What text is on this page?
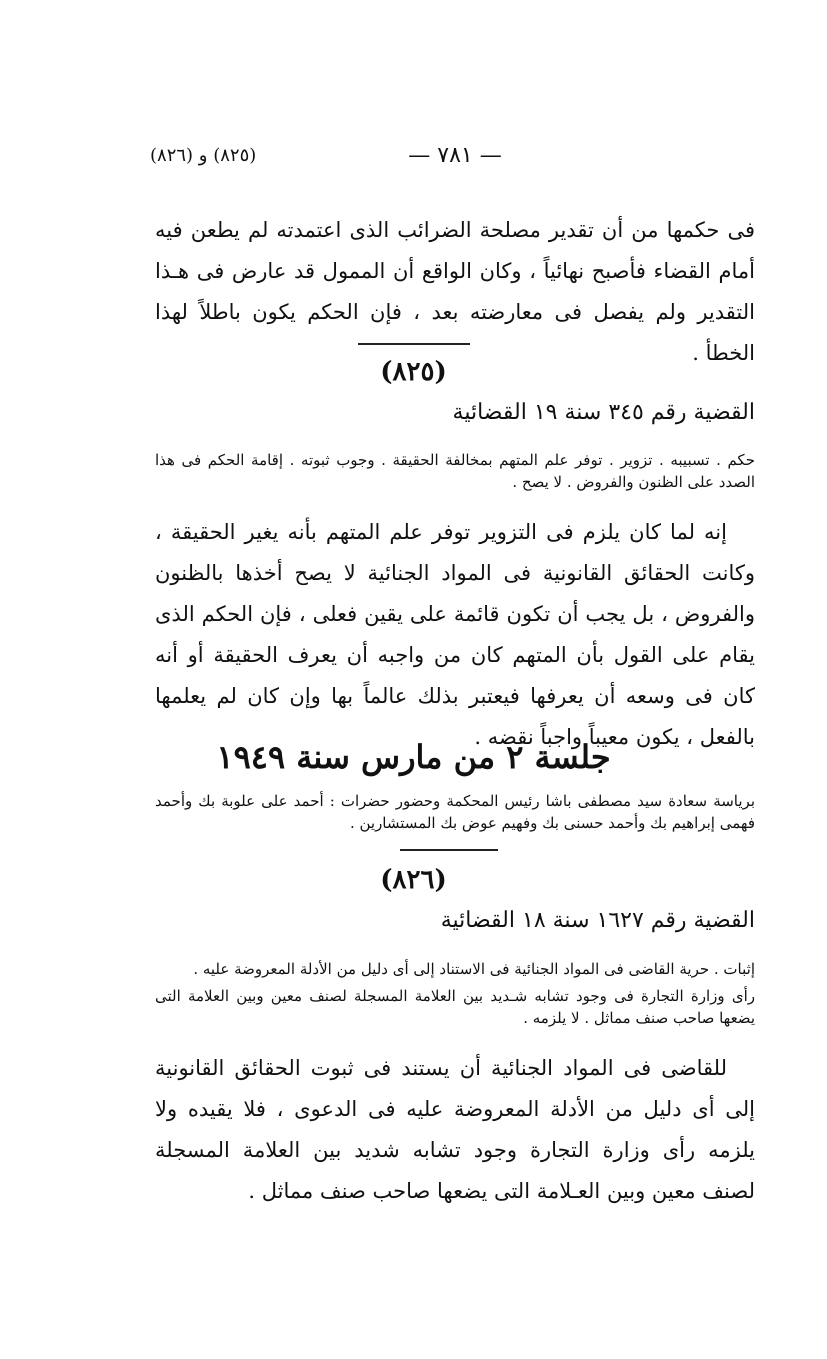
(٨٢٥) و (٨٢٦)	— ٧٨١ —
فى حكمها من أن تقدير مصلحة الضرائب الذى اعتمدته لم يطعن فيه أمام القضاء فأصبح نهائياً ، وكان الواقع أن الممول قد عارض فى هـذا التقدير ولم يفصل فى معارضته بعد ، فإن الحكم يكون باطلاً لهذا الخطأ .
(٨٢٥)
القضية رقم ٣٤٥ سنة ١٩ القضائية
حكم . تسبيبه . تزوير . توفر علم المتهم بمخالفة الحقيقة . وجوب ثبوته . إقامة الحكم فى هذا الصدد على الظنون والفروض . لا يصح .
إنه لما كان يلزم فى التزوير توفر علم المتهم بأنه يغير الحقيقة ، وكانت الحقائق القانونية فى المواد الجنائية لا يصح أخذها بالظنون والفروض ، بل يجب أن تكون قائمة على يقين فعلى ، فإن الحكم الذى يقام على القول بأن المتهم كان من واجبه أن يعرف الحقيقة أو أنه كان فى وسعه أن يعرفها فيعتبر بذلك عالماً بها وإن كان لم يعلمها بالفعل ، يكون معيباً واجباً نقضه .
جلسة ٢ من مارس سنة ١٩٤٩
برياسة سعادة سيد مصطفى باشا رئيس المحكمة وحضور حضرات : أحمد على علوبة بك وأحمد فهمى إبراهيم بك وأحمد حسنى بك وفهيم عوض بك المستشارين .
(٨٢٦)
القضية رقم ١٦٢٧ سنة ١٨ القضائية
إثبات . حرية القاضى فى المواد الجنائية فى الاستناد إلى أى دليل من الأدلة المعروضة عليه .
رأى وزارة التجارة فى وجود تشابه شـديد بين العلامة المسجلة لصنف معين وبين العلامة التى يضعها صاحب صنف مماثل . لا يلزمه .
للقاضى فى المواد الجنائية أن يستند فى ثبوت الحقائق القانونية إلى أى دليل من الأدلة المعروضة عليه فى الدعوى ، فلا يقيده ولا يلزمه رأى وزارة التجارة وجود تشابه شديد بين العلامة المسجلة لصنف معين وبين العـلامة التى يضعها صاحب صنف مماثل .
